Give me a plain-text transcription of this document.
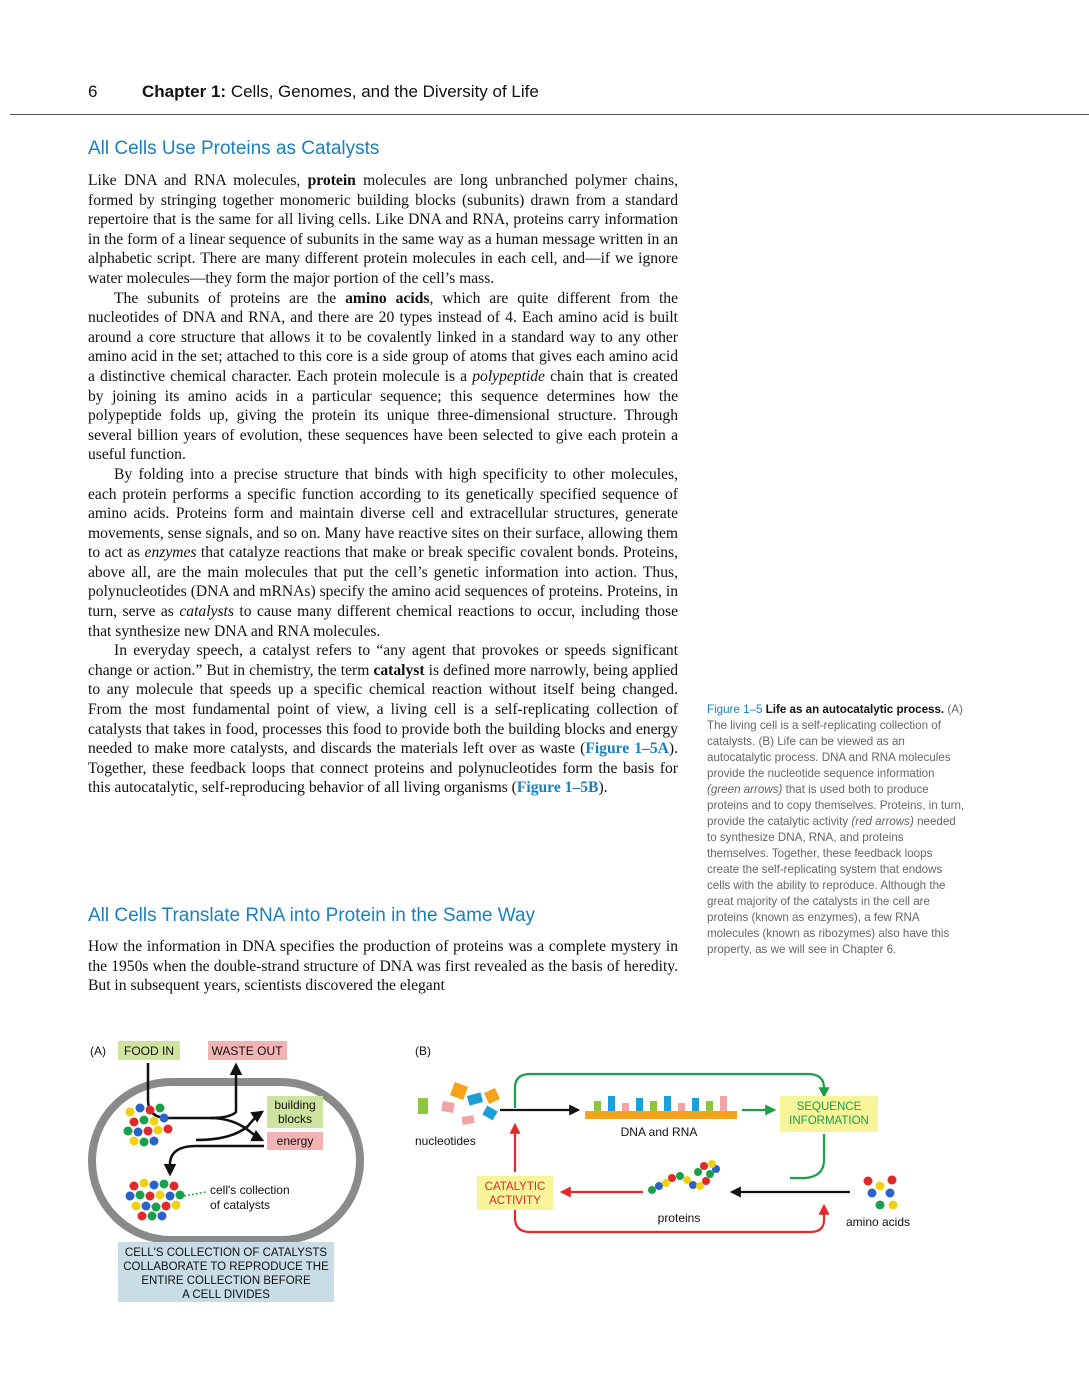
6	Chapter 1: Cells, Genomes, and the Diversity of Life
All Cells Use Proteins as Catalysts

Like DNA and RNA molecules, protein molecules are long unbranched polymer chains, formed by stringing together monomeric building blocks (subunits) drawn from a standard repertoire that is the same for all living cells. Like DNA and RNA, proteins carry information in the form of a linear sequence of subunits in the same way as a human message written in an alphabetic script. There are many different protein molecules in each cell, and—if we ignore water molecules—they form the major portion of the cell’s mass.

The subunits of proteins are the amino acids, which are quite different from the nucleotides of DNA and RNA, and there are 20 types instead of 4. Each amino acid is built around a core structure that allows it to be covalently linked in a standard way to any other amino acid in the set; attached to this core is a side group of atoms that gives each amino acid a distinctive chemical character. Each protein molecule is a polypeptide chain that is created by joining its amino acids in a particular sequence; this sequence determines how the polypeptide folds up, giving the protein its unique three-dimensional structure. Through several billion years of evolution, these sequences have been selected to give each protein a useful function.

By folding into a precise structure that binds with high specificity to other molecules, each protein performs a specific function according to its genetically specified sequence of amino acids. Proteins form and maintain diverse cell and extracellular structures, generate movements, sense signals, and so on. Many have reactive sites on their surface, allowing them to act as enzymes that catalyze reactions that make or break specific covalent bonds. Proteins, above all, are the main molecules that put the cell’s genetic information into action. Thus, polynucleotides (DNA and mRNAs) specify the amino acid sequences of proteins. Proteins, in turn, serve as catalysts to cause many different chemical reactions to occur, including those that synthesize new DNA and RNA molecules.

In everyday speech, a catalyst refers to “any agent that provokes or speeds significant change or action.” But in chemistry, the term catalyst is defined more narrowly, being applied to any molecule that speeds up a specific chemical reaction without itself being changed. From the most fundamental point of view, a living cell is a self-replicating collection of catalysts that takes in food, processes this food to provide both the building blocks and energy needed to make more catalysts, and discards the materials left over as waste (Figure 1–5A). Together, these feedback loops that connect proteins and polynucleotides form the basis for this autocatalytic, self-reproducing behavior of all living organisms (Figure 1–5B).

All Cells Translate RNA into Protein in the Same Way

How the information in DNA specifies the production of proteins was a complete mystery in the 1950s when the double-strand structure of DNA was first revealed as the basis of heredity. But in subsequent years, scientists discovered the elegant

Figure 1–5 Life as an autocatalytic process. (A) The living cell is a self-replicating collection of catalysts. (B) Life can be viewed as an autocatalytic process. DNA and RNA molecules provide the nucleotide sequence information (green arrows) that is used both to produce proteins and to copy themselves. Proteins, in turn, provide the catalytic activity (red arrows) needed to synthesize DNA, RNA, and proteins themselves. Together, these feedback loops create the self-replicating system that endows cells with the ability to reproduce. Although the great majority of the catalysts in the cell are proteins (known as enzymes), a few RNA molecules (known as ribozymes) also have this property, as we will see in Chapter 6.
(A) FOOD IN	WASTE OUT
building
blocks
energy
cell's collection
of catalysts
CELL'S COLLECTION OF CATALYSTS
COLLABORATE TO REPRODUCE THE
ENTIRE COLLECTION BEFORE
A CELL DIVIDES
(B)
SEQUENCE
INFORMATION
CATALYTIC
ACTIVITY
nucleotides
DNA and RNA
proteins	amino acids
